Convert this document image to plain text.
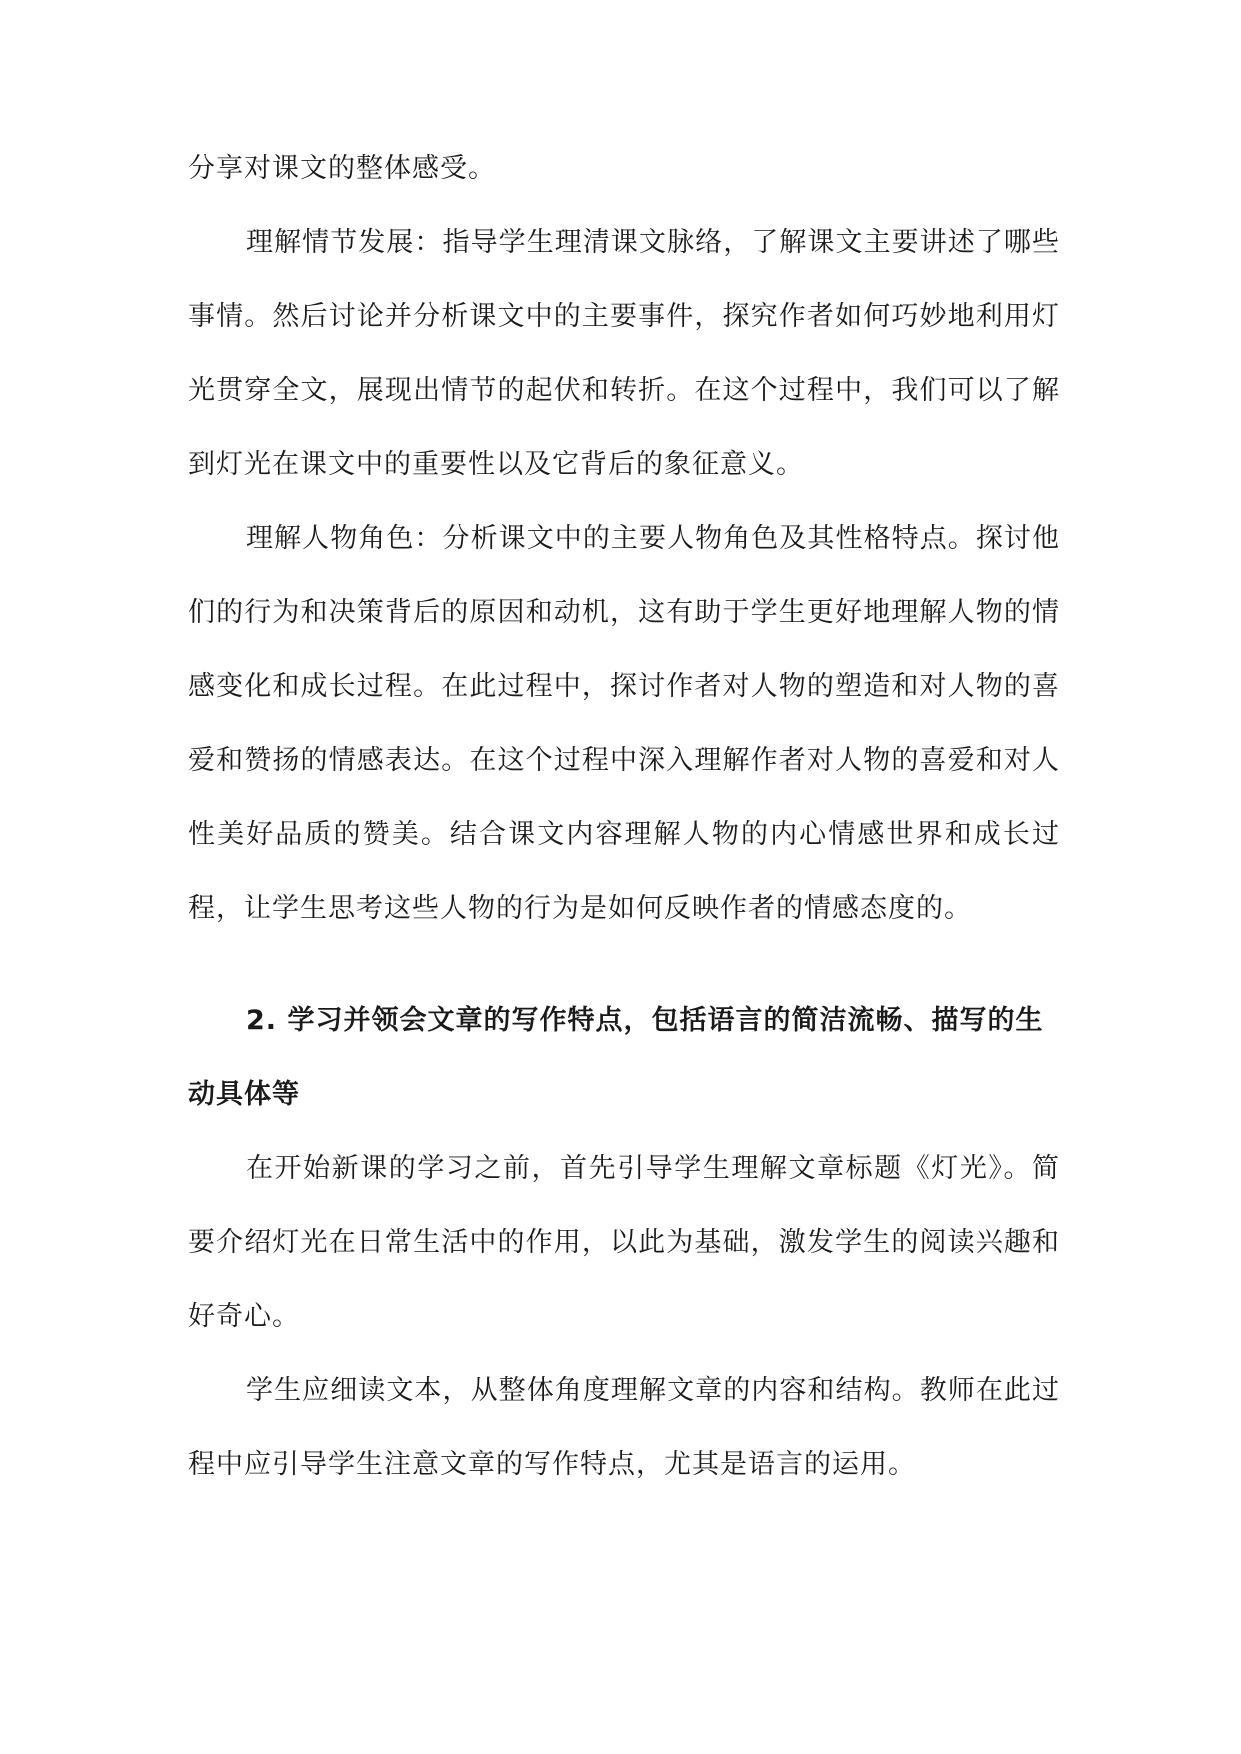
分享对课文的整体感受。

理解情节发展：指导学生理清课文脉络，了解课文主要讲述了哪些事情。然后讨论并分析课文中的主要事件，探究作者如何巧妙地利用灯光贯穿全文，展现出情节的起伏和转折。在这个过程中，我们可以了解到灯光在课文中的重要性以及它背后的象征意义。

理解人物角色：分析课文中的主要人物角色及其性格特点。探讨他们的行为和决策背后的原因和动机，这有助于学生更好地理解人物的情感变化和成长过程。在此过程中，探讨作者对人物的塑造和对人物的喜爱和赞扬的情感表达。在这个过程中深入理解作者对人物的喜爱和对人性美好品质的赞美。结合课文内容理解人物的内心情感世界和成长过程，让学生思考这些人物的行为是如何反映作者的情感态度的。

2. 学习并领会文章的写作特点，包括语言的简洁流畅、描写的生动具体等

在开始新课的学习之前，首先引导学生理解文章标题《灯光》。简要介绍灯光在日常生活中的作用，以此为基础，激发学生的阅读兴趣和好奇心。

学生应细读文本，从整体角度理解文章的内容和结构。教师在此过程中应引导学生注意文章的写作特点，尤其是语言的运用。
